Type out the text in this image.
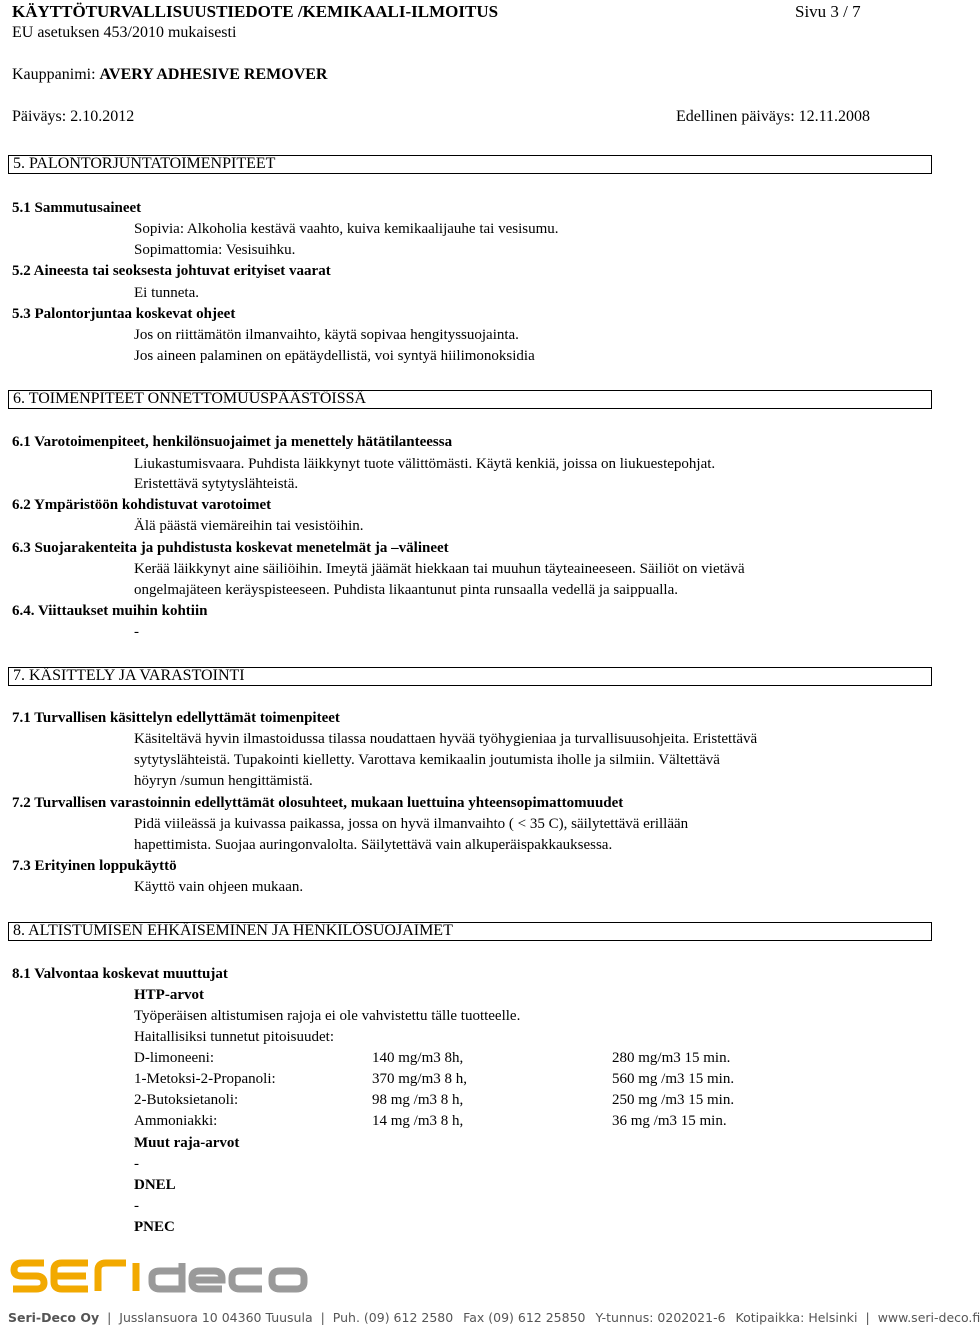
KÄYTTÖTURVALLISUUSTIEDOTE /KEMIKAALI-ILMOITUS	Sivu 3 / 7
EU asetuksen 453/2010 mukaisesti
Kauppanimi: AVERY ADHESIVE REMOVER
Päiväys: 2.10.2012	Edellinen päiväys: 12.11.2008
5. PALONTORJUNTATOIMENPITEET
5.1 Sammutusaineet
Sopivia: Alkoholia kestävä vaahto, kuiva kemikaalijauhe tai vesisumu.
Sopimattomia: Vesisuihku.
5.2 Aineesta tai seoksesta johtuvat erityiset vaarat
Ei tunneta.
5.3 Palontorjuntaa koskevat ohjeet
Jos on riittämätön ilmanvaihto, käytä sopivaa hengityssuojainta.
Jos aineen palaminen on epätäydellistä, voi syntyä hiilimonoksidia
6. TOIMENPITEET ONNETTOMUUSPÄÄSTÖISSÄ
6.1 Varotoimenpiteet, henkilönsuojaimet ja menettely hätätilanteessa
Liukastumisvaara. Puhdista läikkynyt tuote välittömästi. Käytä kenkiä, joissa on liukuestepohjat.
Eristettävä sytytyslähteistä.
6.2 Ympäristöön kohdistuvat varotoimet
Älä päästä viemäreihin tai vesistöihin.
6.3 Suojarakenteita ja puhdistusta koskevat menetelmät ja –välineet
Kerää läikkynyt aine säiliöihin. Imeytä jäämät hiekkaan tai muuhun täyteaineeseen. Säiliöt on vietävä
ongelmajäteen keräyspisteeseen. Puhdista likaantunut pinta runsaalla vedellä ja saippualla.
6.4. Viittaukset muihin kohtiin
-
7. KÄSITTELY JA VARASTOINTI
7.1 Turvallisen käsittelyn edellyttämät toimenpiteet
Käsiteltävä hyvin ilmastoidussa tilassa noudattaen hyvää työhygieniaa ja turvallisuusohjeita. Eristettävä
sytytyslähteistä. Tupakointi kielletty. Varottava kemikaalin joutumista iholle ja silmiin. Vältettävä
höyryn /sumun hengittämistä.
7.2 Turvallisen varastoinnin edellyttämät olosuhteet, mukaan luettuina yhteensopimattomuudet
Pidä viileässä ja kuivassa paikassa, jossa on hyvä ilmanvaihto ( < 35 C), säilytettävä erillään
hapettimista. Suojaa auringonvalolta. Säilytettävä vain alkuperäispakkauksessa.
7.3 Erityinen loppukäyttö
Käyttö vain ohjeen mukaan.
8. ALTISTUMISEN EHKÄISEMINEN JA HENKILÖSUOJAIMET
8.1 Valvontaa koskevat muuttujat
HTP-arvot
Työperäisen altistumisen rajoja ei ole vahvistettu tälle tuotteelle.
Haitallisiksi tunnetut pitoisuudet:
D-limoneeni:	140 mg/m3 8h,	280 mg/m3 15 min.
1-Metoksi-2-Propanoli:	370 mg/m3 8 h,	560 mg /m3 15 min.
2-Butoksietanoli:	98 mg /m3 8 h,	250 mg /m3 15 min.
Ammoniakki:	14 mg /m3 8 h,	36 mg /m3 15 min.
Muut raja-arvot
-
DNEL
-
PNEC
Seri-Deco Oy | Jusslansuora 10 04360 Tuusula | Puh. (09) 612 2580 Fax (09) 612 25850 Y-tunnus: 0202021-6 Kotipaikka: Helsinki | www.seri-deco.fi
